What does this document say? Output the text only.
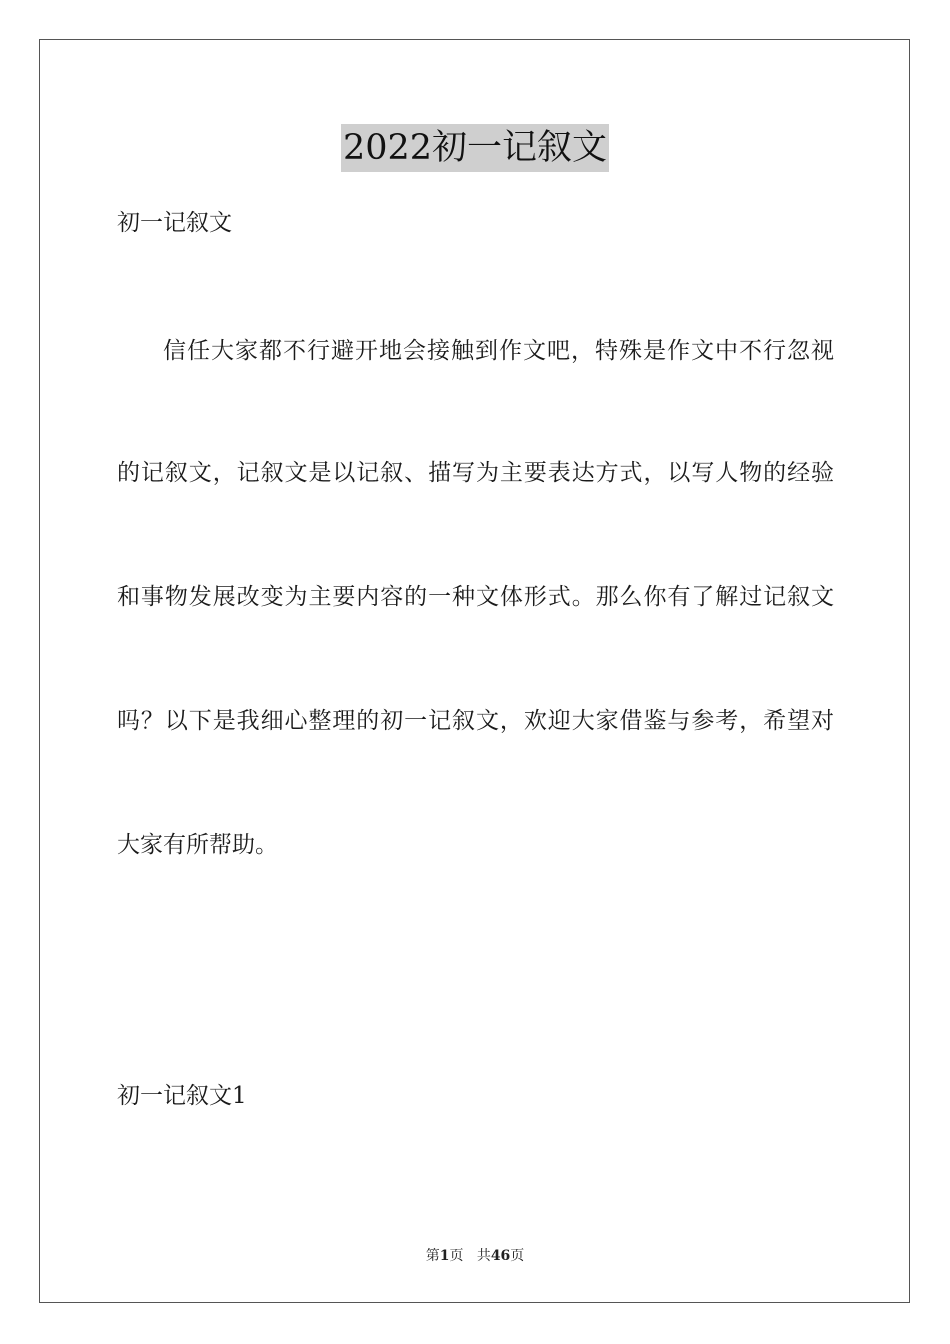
2022初一记叙文
初一记叙文
信任大家都不行避开地会接触到作文吧，特殊是作文中不行忽视
的记叙文，记叙文是以记叙、描写为主要表达方式，以写人物的经验
和事物发展改变为主要内容的一种文体形式。那么你有了解过记叙文
吗？以下是我细心整理的初一记叙文，欢迎大家借鉴与参考，希望对
大家有所帮助。
初一记叙文1
第1页 共46页
